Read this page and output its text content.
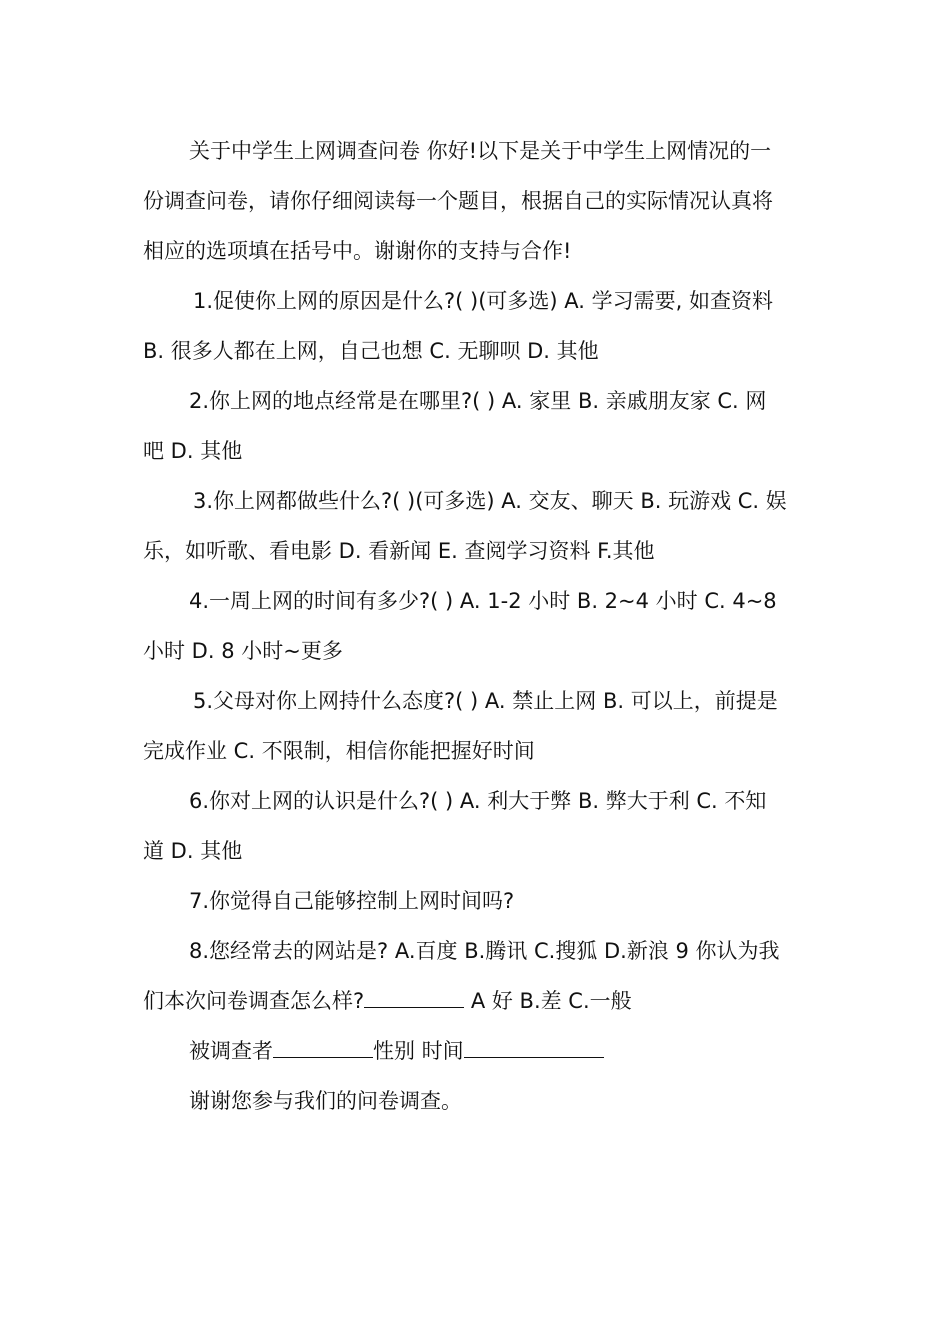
关于中学生上网调查问卷 你好!以下是关于中学生上网情况的一
份调查问卷，请你仔细阅读每一个题目，根据自己的实际情况认真将
相应的选项填在括号中。谢谢你的支持与合作!
1.促使你上网的原因是什么?( )(可多选) A. 学习需要, 如查资料
B. 很多人都在上网，自己也想 C. 无聊呗 D. 其他
2.你上网的地点经常是在哪里?( ) A. 家里 B. 亲戚朋友家 C. 网
吧 D. 其他
3.你上网都做些什么?( )(可多选) A. 交友、聊天 B. 玩游戏 C. 娱
乐，如听歌、看电影 D. 看新闻 E. 查阅学习资料 F.其他
4.一周上网的时间有多少?( ) A. 1-2 小时 B. 2~4 小时 C. 4~8
小时 D. 8 小时~更多
5.父母对你上网持什么态度?( ) A. 禁止上网 B. 可以上，前提是
完成作业 C. 不限制，相信你能把握好时间
6.你对上网的认识是什么?( ) A. 利大于弊 B. 弊大于利 C. 不知
道 D. 其他
7.你觉得自己能够控制上网时间吗?
8.您经常去的网站是? A.百度 B.腾讯 C.搜狐 D.新浪 9 你认为我
们本次问卷调查怎么样?	A 好 B.差 C.一般
被调查者	性别 时间
谢谢您参与我们的问卷调查。
